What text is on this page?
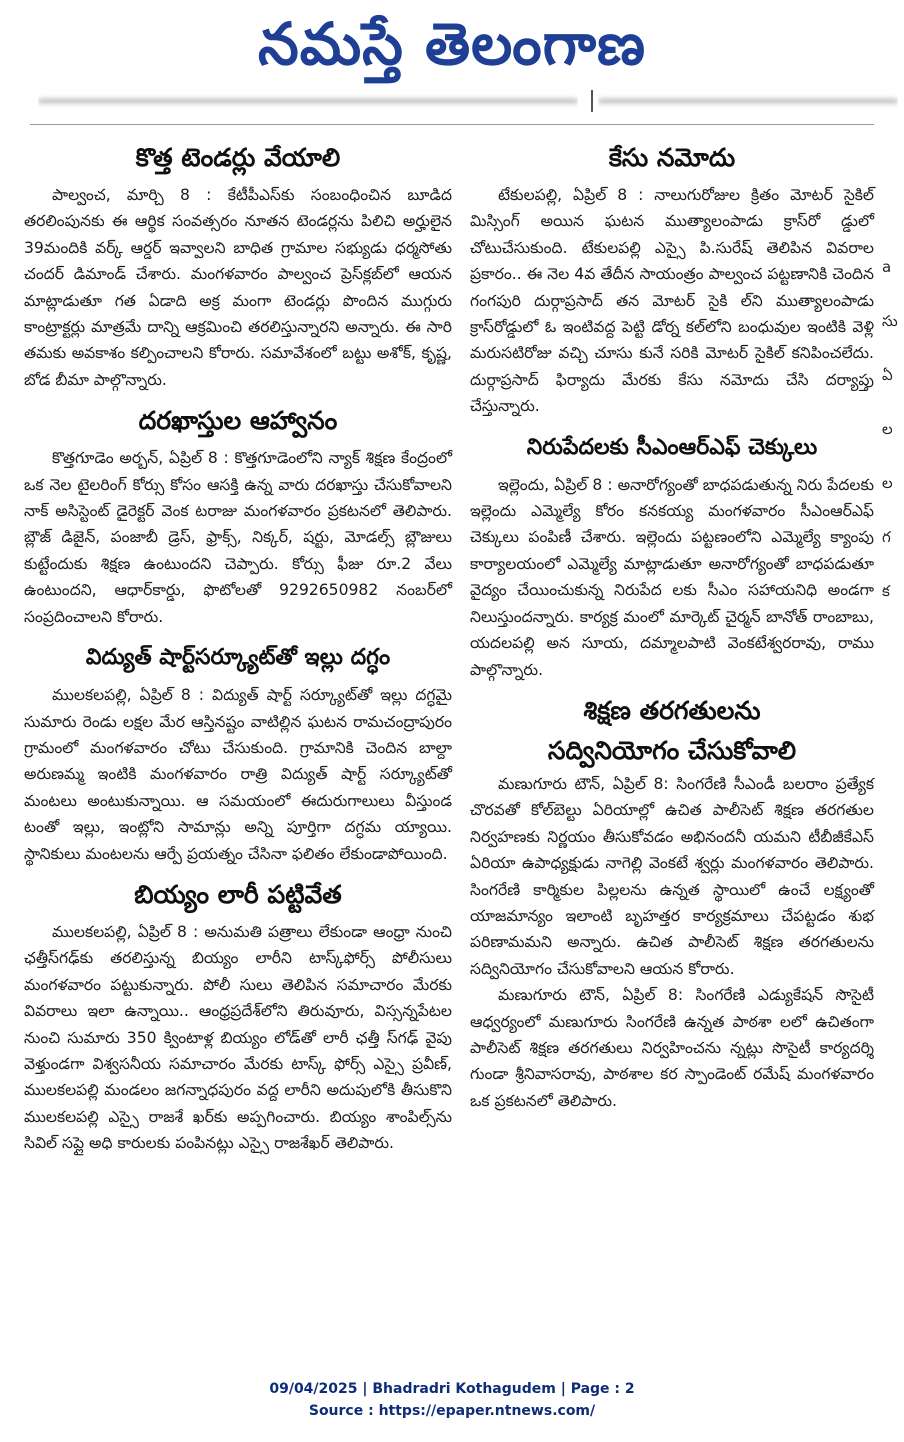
నమస్తే తెలంగాణ
కొత్త టెండర్లు వేయాలి

పాల్వంచ, మార్చి 8 : కేటీపీఎస్‌కు సంబంధించిన బూడిద తరలింపునకు ఈ ఆర్థిక సంవత్సరం నూతన టెండర్లను పిలిచి అర్హులైన 39మందికి వర్క్ ఆర్డర్ ఇవ్వాలని బాధిత గ్రామాల సభ్యుడు ధర్మసోతు చందర్ డిమాండ్ చేశారు. మంగళవారం పాల్వంచ ప్రెస్‌క్లబ్‌లో ఆయన మాట్లాడుతూ గత ఏడాది అక్ర మంగా టెండర్లు పొందిన ముగ్గురు కాంట్రాక్టర్లు మాత్రమే దాన్ని ఆక్రమించి తరలిస్తున్నారని అన్నారు. ఈ సారి తమకు అవకాశం కల్పించాలని కోరారు. సమావేశంలో బట్టు అశోక్, కృష్ణ, బోడ బీమా పాల్గొన్నారు.

దరఖాస్తుల ఆహ్వానం

కొత్తగూడెం అర్బన్, ఏప్రిల్ 8 : కొత్తగూడెంలోని న్యాక్ శిక్షణ కేంద్రంలో ఒక నెల టైలరింగ్ కోర్సు కోసం ఆసక్తి ఉన్న వారు దరఖాస్తు చేసుకోవాలని నాక్ అసిస్టెంట్ డైరెక్టర్ వెంక టరాజు మంగళవారం ప్రకటనలో తెలిపారు. బ్లౌజ్ డిజైన్, పంజాబీ డ్రెస్, ఫ్రాక్స్, నిక్కర్, షర్టు, మోడల్స్ బ్లౌజులు కుట్టేందుకు శిక్షణ ఉంటుందని చెప్పారు. కోర్సు ఫీజు రూ.2 వేలు ఉంటుందని, ఆధార్‌కార్డు, ఫొటోలతో 9292650982 నంబర్‌లో సంప్రదించాలని కోరారు.

విద్యుత్ షార్ట్‌సర్క్యూట్‌తో ఇల్లు దగ్ధం

ములకలపల్లి, ఏప్రిల్ 8 : విద్యుత్ షార్ట్ సర్క్యూట్‌తో ఇల్లు దగ్ధమై సుమారు రెండు లక్షల మేర ఆస్తినష్టం వాటిల్లిన ఘటన రామచంద్రాపురం గ్రామంలో మంగళవారం చోటు చేసుకుంది. గ్రామానికి చెందిన బాల్దా అరుణమ్మ ఇంటికి మంగళవారం రాత్రి విద్యుత్ షార్ట్ సర్క్యూట్‌తో మంటలు అంటుకున్నాయి. ఆ సమయంలో ఈదురుగాలులు వీస్తుండ టంతో ఇల్లు, ఇంట్లోని సామాన్లు అన్ని పూర్తిగా దగ్ధమ య్యాయి. స్థానికులు మంటలను ఆర్పే ప్రయత్నం చేసినా ఫలితం లేకుండాపోయింది.

బియ్యం లారీ పట్టివేత

ములకలపల్లి, ఏప్రిల్ 8 : అనుమతి పత్రాలు లేకుండా ఆంధ్రా నుంచి ఛత్తీస్‌గఢ్‌కు తరలిస్తున్న బియ్యం లారీని టాస్క్‌ఫోర్స్ పోలీసులు మంగళవారం పట్టుకున్నారు. పోలీ సులు తెలిపిన సమాచారం మేరకు వివరాలు ఇలా ఉన్నాయి.. ఆంధ్రప్రదేశ్‌లోని తిరువూరు, విస్సన్నపేటల నుంచి సుమారు 350 క్వింటాళ్ల బియ్యం లోడ్‌తో లారీ ఛత్తీ స్‌గఢ్ వైపు వెళ్తుండగా విశ్వసనీయ సమాచారం మేరకు టాస్క్ ఫోర్స్ ఎస్సై ప్రవీణ్, ములకలపల్లి మండలం జగన్నాధపురం వద్ద లారీని అదుపులోకి తీసుకొని ములకలపల్లి ఎస్సై రాజశే ఖర్‌కు అప్పగించారు. బియ్యం శాంపిల్స్‌ను సివిల్ సప్లై అధి కారులకు పంపినట్లు ఎస్సై రాజశేఖర్ తెలిపారు.

కేసు నమోదు

టేకులపల్లి, ఏప్రిల్ 8 : నాలుగురోజుల క్రితం మోటర్ సైకిల్ మిస్సింగ్ అయిన ఘటన ముత్యాలంపాడు క్రాస్‌రో డ్డులో చోటుచేసుకుంది. టేకులపల్లి ఎస్సై పి.సురేష్ తెలిపిన వివరాల ప్రకారం.. ఈ నెల 4వ తేదీన సాయంత్రం పాల్వంచ పట్టణానికి చెందిన గంగపురి దుర్గాప్రసాద్ తన మోటర్ సైకి ల్‌ని ముత్యాలంపాడు క్రాస్‌రోడ్డులో ఓ ఇంటివద్ద పెట్టి డోర్న కల్‌లోని బంధువుల ఇంటికి వెళ్లి మరుసటిరోజు వచ్చి చూసు కునే సరికి మోటర్ సైకిల్ కనిపించలేదు. దుర్గాప్రసాద్ ఫిర్యాదు మేరకు కేసు నమోదు చేసి దర్యాప్తు చేస్తున్నారు.

నిరుపేదలకు సీఎంఆర్‌ఎఫ్ చెక్కులు

ఇల్లెందు, ఏప్రిల్ 8 : అనారోగ్యంతో బాధపడుతున్న నిరు పేదలకు ఇల్లెందు ఎమ్మెల్యే కోరం కనకయ్య మంగళవారం సీఎంఆర్‌ఎఫ్ చెక్కులు పంపిణీ చేశారు. ఇల్లెందు పట్టణంలోని ఎమ్మెల్యే క్యాంపు కార్యాలయంలో ఎమ్మెల్యే మాట్లాడుతూ అనారోగ్యంతో బాధపడుతూ వైద్యం చేయించుకున్న నిరుపేద లకు సీఎం సహాయనిధి అండగా నిలుస్తుందన్నారు. కార్యక్ర మంలో మార్కెట్ చైర్మన్ బానోత్ రాంబాబు, యదలపల్లి అన సూయ, దమ్మాలపాటి వెంకటేశ్వరరావు, రాము పాల్గొన్నారు.

శిక్షణ తరగతులను
సద్వినియోగం చేసుకోవాలి

మణుగూరు టౌన్, ఏప్రిల్ 8: సింగరేణి సీఎండీ బలరాం ప్రత్యేక చొరవతో కోల్‌బెల్టు ఏరియాల్లో ఉచిత పాలీసెట్ శిక్షణ తరగతుల నిర్వహణకు నిర్ణయం తీసుకోవడం అభినందనీ యమని టీబీజీకేఎస్ ఏరియా ఉపాధ్యక్షుడు నాగెల్లి వెంకటే శ్వర్లు మంగళవారం తెలిపారు. సింగరేణి కార్మికుల పిల్లలను ఉన్నత స్థాయిలో ఉంచే లక్ష్యంతో యాజమాన్యం ఇలాంటి బృహత్తర కార్యక్రమాలు చేపట్టడం శుభ పరిణామమని అన్నారు. ఉచిత పాలీసెట్ శిక్షణ తరగతులను సద్వినియోగం చేసుకోవాలని ఆయన కోరారు.

మణుగూరు టౌన్, ఏప్రిల్ 8: సింగరేణి ఎడ్యుకేషన్ సొసైటీ ఆధ్వర్యంలో మణుగూరు సింగరేణి ఉన్నత పాఠశా లలో ఉచితంగా పాలీసెట్ శిక్షణ తరగతులు నిర్వహించను న్నట్లు సొసైటీ కార్యదర్శి గుండా శ్రీనివాసరావు, పాఠశాల కర స్పాండెంట్ రమేష్ మంగళవారం ఒక ప్రకటనలో తెలిపారు.

a
సు
ఏ
ల
ల
గ
క
09/04/2025 | Bhadradri Kothagudem | Page : 2
Source : https://epaper.ntnews.com/
